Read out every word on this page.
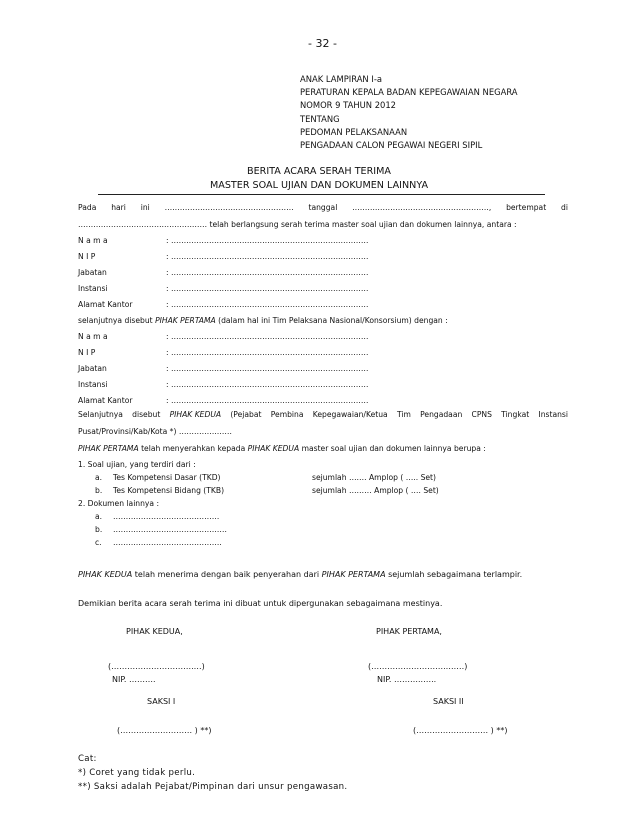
- 32 -
ANAK LAMPIRAN I-a
PERATURAN KEPALA BADAN KEPEGAWAIAN NEGARA
NOMOR 9 TAHUN 2012
TENTANG
PEDOMAN PELAKSANAAN
PENGADAAN CALON PEGAWAI NEGERI SIPIL
BERITA ACARA SERAH TERIMA
MASTER SOAL UJIAN DAN DOKUMEN LAINNYA
Pada hari ini …………………………………………… tanggal ………………………………………………, bertempat di
…………………………………………… telah berlangsung serah terima master soal ujian dan dokumen lainnya, antara :
N a m a	: ……………………………………………………………………
N I P	: ……………………………………………………………………
Jabatan	: ……………………………………………………………………
Instansi	: ……………………………………………………………………
Alamat Kantor	: ……………………………………………………………………
selanjutnya disebut PIHAK PERTAMA (dalam hal ini Tim Pelaksana Nasional/Konsorsium) dengan :
N a m a	: ……………………………………………………………………
N I P	: ……………………………………………………………………
Jabatan	: ……………………………………………………………………
Instansi	: ……………………………………………………………………
Alamat Kantor	: ……………………………………………………………………
Selanjutnya disebut PIHAK KEDUA (Pejabat Pembina Kepegawaian/Ketua Tim Pengadaan CPNS Tingkat Instansi
Pusat/Provinsi/Kab/Kota *) …………………
PIHAK PERTAMA telah menyerahkan kepada PIHAK KEDUA master soal ujian dan dokumen lainnya berupa :
1. Soal ujian, yang terdiri dari :
a. Tes Kompetensi Dasar (TKD)	sejumlah ……. Amplop ( ….. Set)
b. Tes Kompetensi Bidang (TKB)	sejumlah ……… Amplop ( …. Set)
2. Dokumen lainnya :
a. ……………………………………
b. ………………………………………
c. …………………………………….
PIHAK KEDUA telah menerima dengan baik penyerahan dari PIHAK PERTAMA sejumlah sebagaimana terlampir.
Demikian berita acara serah terima ini dibuat untuk dipergunakan sebagaimana mestinya.
PIHAK KEDUA,	PIHAK PERTAMA,
(………………………….…)	(……………………….….…)
NIP. ……….	NIP. ………..…..
SAKSI I	SAKSI II
(……………………… ) **)	(……………………… ) **)
Cat:
*) Coret yang tidak perlu.
**) Saksi adalah Pejabat/Pimpinan dari unsur pengawasan.
